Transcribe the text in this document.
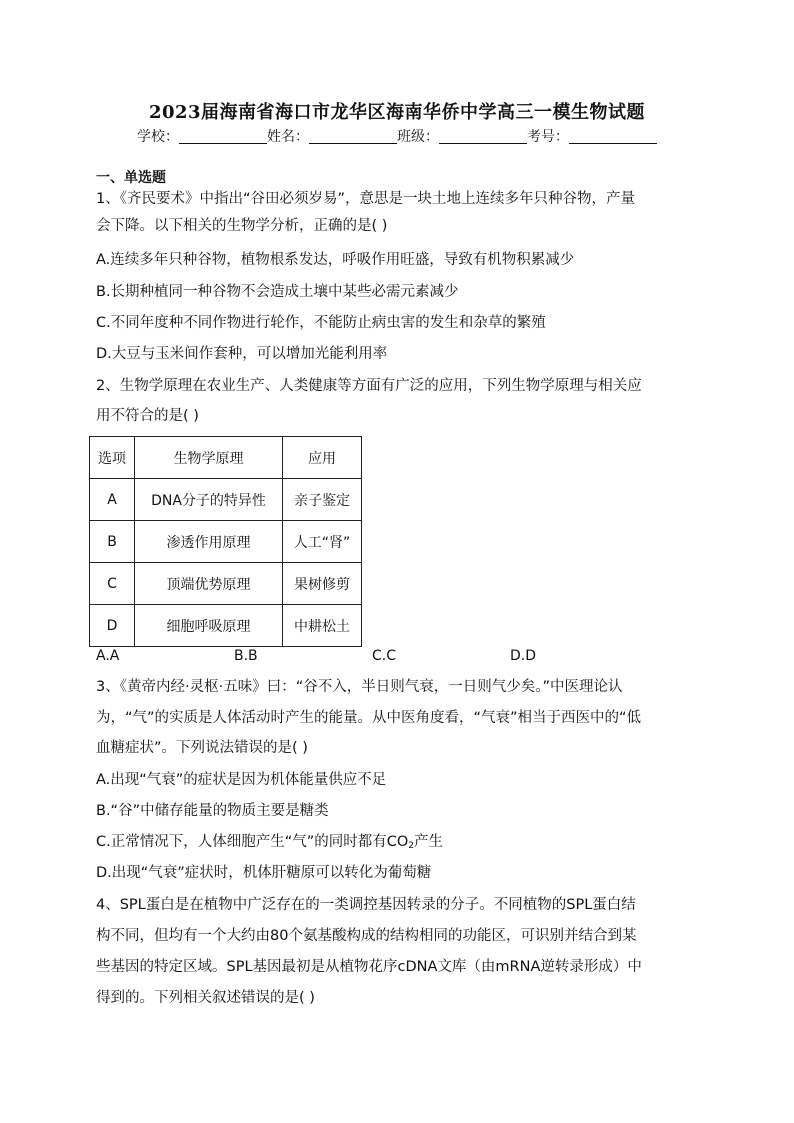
2023届海南省海口市龙华区海南华侨中学高三一模生物试题
学校：	姓名：	班级：	考号：
一、单选题
1、《齐民要术》中指出“谷田必须岁易”，意思是一块土地上连续多年只种谷物，产量
会下降。以下相关的生物学分析，正确的是( )
A.连续多年只种谷物，植物根系发达，呼吸作用旺盛，导致有机物积累减少
B.长期种植同一种谷物不会造成土壤中某些必需元素减少
C.不同年度种不同作物进行轮作，不能防止病虫害的发生和杂草的繁殖
D.大豆与玉米间作套种，可以增加光能利用率
2、生物学原理在农业生产、人类健康等方面有广泛的应用，下列生物学原理与相关应
用不符合的是( )
选项	生物学原理	应用
A	DNA分子的特异性	亲子鉴定
B	渗透作用原理	人工“肾”
C	顶端优势原理	果树修剪
D	细胞呼吸原理	中耕松土
A.A	B.B	C.C	D.D
3、《黄帝内经·灵枢·五味》曰：“谷不入，半日则气衰，一日则气少矣。”中医理论认
为，“气”的实质是人体活动时产生的能量。从中医角度看，“气衰”相当于西医中的“低
血糖症状”。下列说法错误的是( )
A.出现“气衰”的症状是因为机体能量供应不足
B.“谷”中储存能量的物质主要是糖类
C.正常情况下，人体细胞产生“气”的同时都有$CO_2$产生
D.出现“气衰”症状时，机体肝糖原可以转化为葡萄糖
4、SPL蛋白是在植物中广泛存在的一类调控基因转录的分子。不同植物的SPL蛋白结
构不同，但均有一个大约由80个氨基酸构成的结构相同的功能区，可识别并结合到某
些基因的特定区域。SPL基因最初是从植物花序cDNA文库（由mRNA逆转录形成）中
得到的。下列相关叙述错误的是( )
